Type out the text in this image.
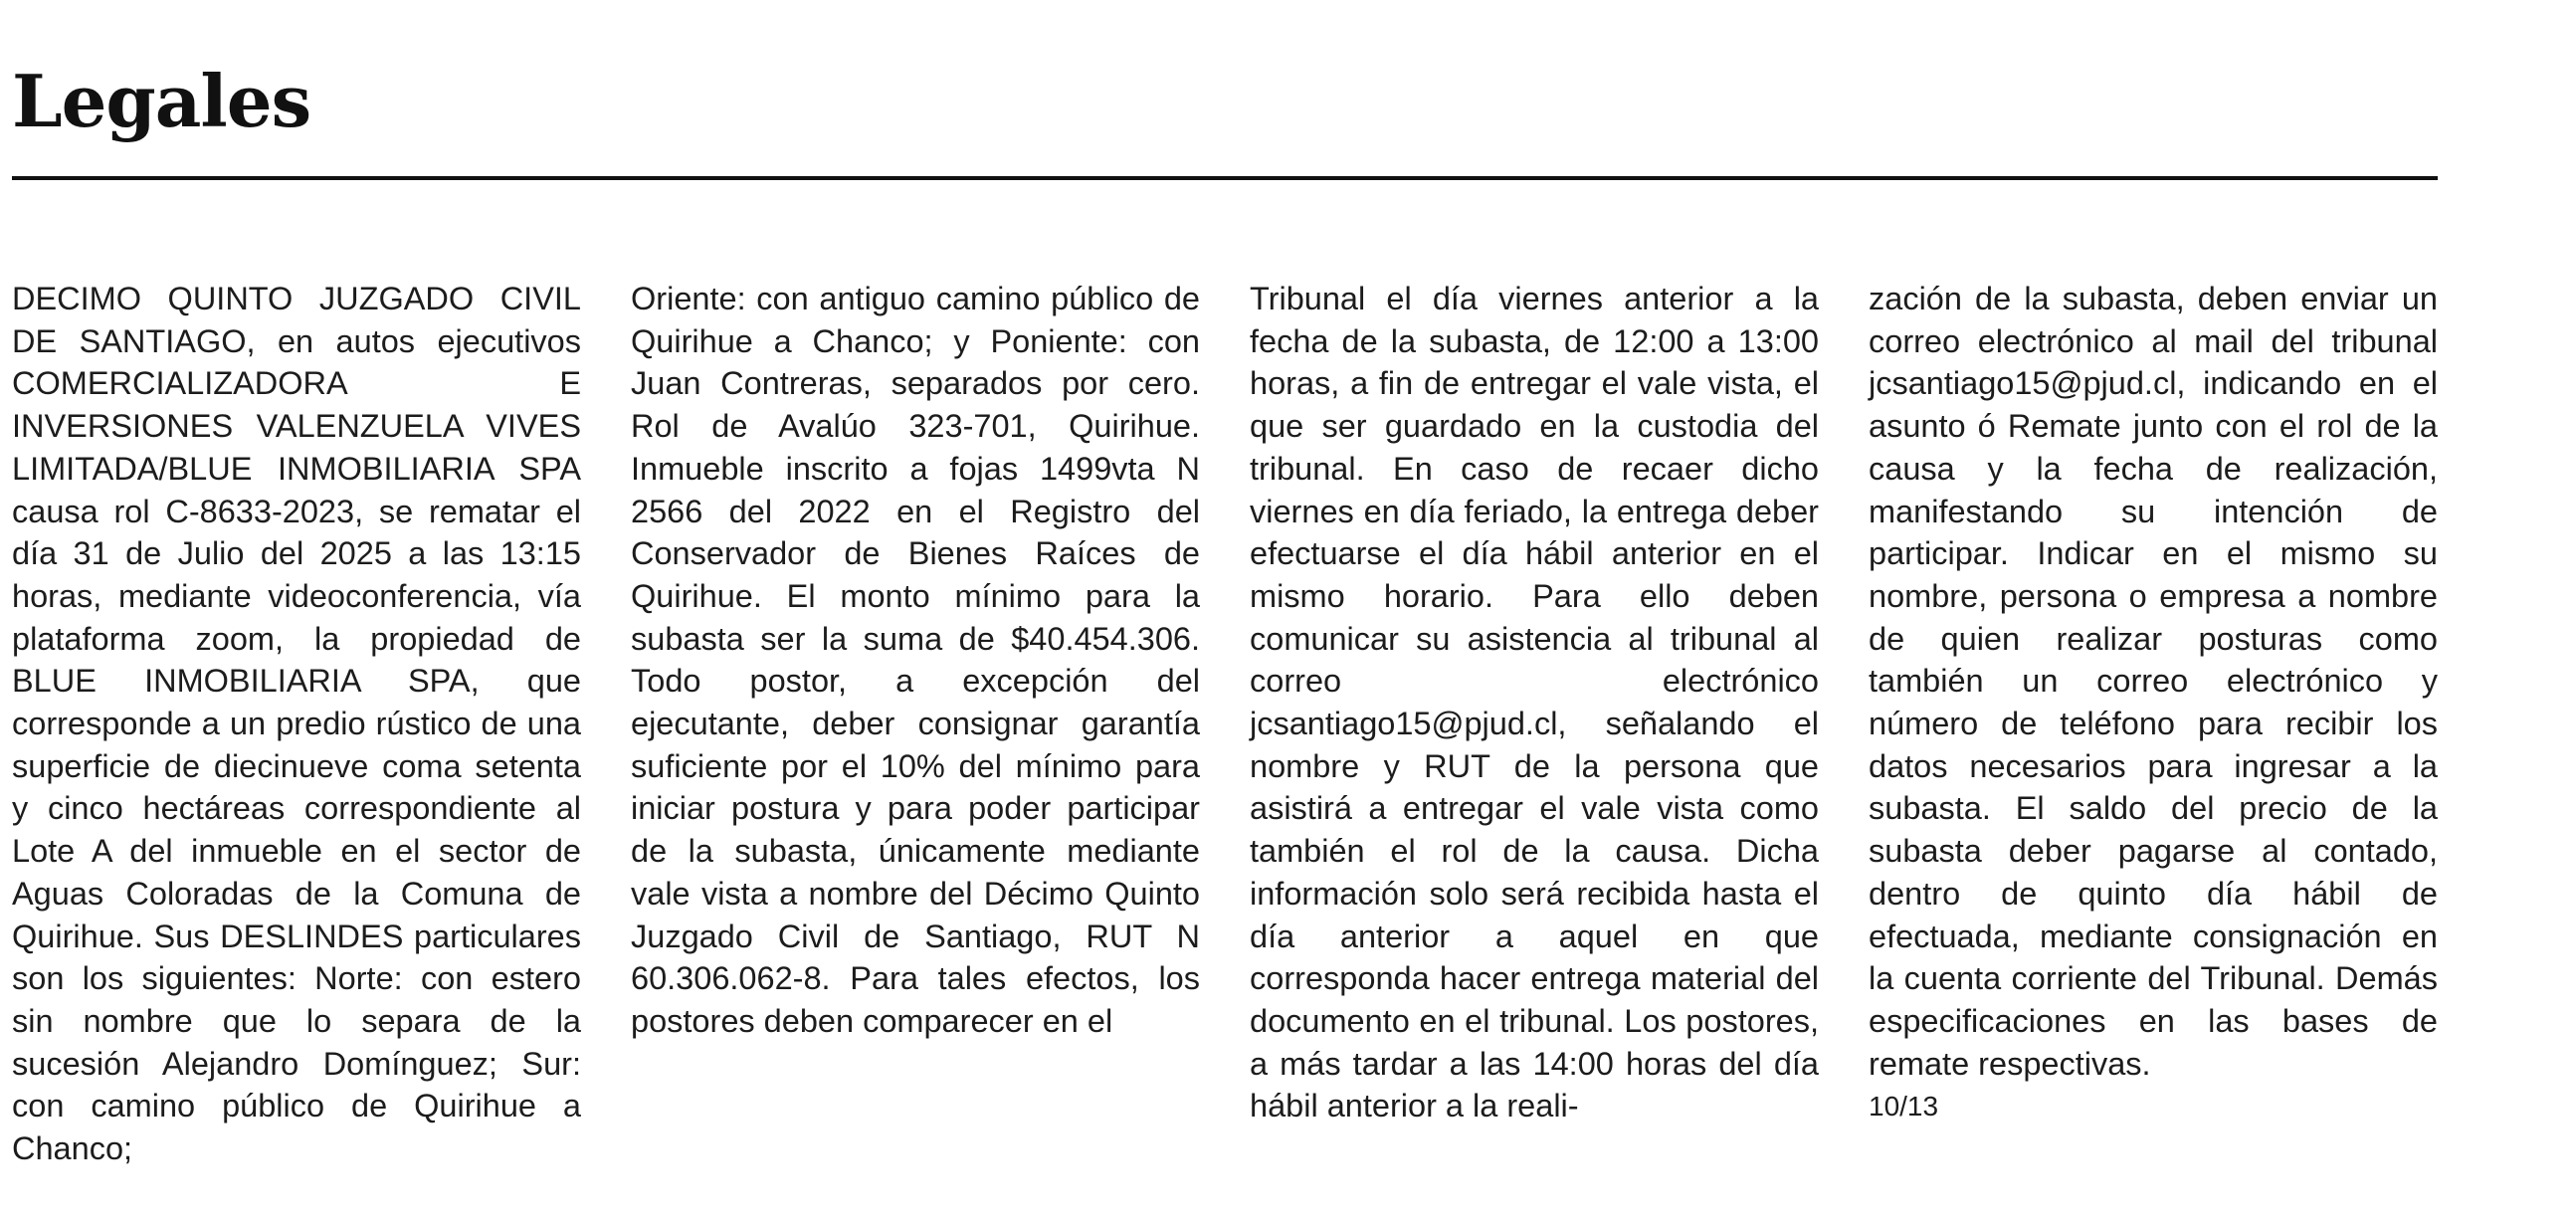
Legales

DECIMO QUINTO JUZGADO CIVIL DE SANTIAGO, en autos ejecutivos COMERCIALIZADORA E INVERSIONES VALENZUELA VIVES LIMITADA/BLUE INMOBILIARIA SPA causa rol C-8633-2023, se rematar el día 31 de Julio del 2025 a las 13:15 horas, mediante videoconferencia, vía plataforma zoom, la propiedad de BLUE INMOBILIARIA SPA, que corresponde a un predio rústico de una superficie de diecinueve coma setenta y cinco hectáreas correspondiente al Lote A del inmueble en el sector de Aguas Coloradas de la Comuna de Quirihue. Sus DESLINDES particulares son los siguientes: Norte: con estero sin nombre que lo separa de la sucesión Alejandro Domínguez; Sur: con camino público de Quirihue a Chanco;

Oriente: con antiguo camino público de Quirihue a Chanco; y Poniente: con Juan Contreras, separados por cero. Rol de Avalúo 323-701, Quirihue. Inmueble inscrito a fojas 1499vta N 2566 del 2022 en el Registro del Conservador de Bienes Raíces de Quirihue. El monto mínimo para la subasta ser la suma de $40.454.306. Todo postor, a excepción del ejecutante, deber consignar garantía suficiente por el 10% del mínimo para iniciar postura y para poder participar de la subasta, únicamente mediante vale vista a nombre del Décimo Quinto Juzgado Civil de Santiago, RUT N 60.306.062-8. Para tales efectos, los postores deben comparecer en el

Tribunal el día viernes anterior a la fecha de la subasta, de 12:00 a 13:00 horas, a fin de entregar el vale vista, el que ser guardado en la custodia del tribunal. En caso de recaer dicho viernes en día feriado, la entrega deber efectuarse el día hábil anterior en el mismo horario. Para ello deben comunicar su asistencia al tribunal al correo electrónico jcsantiago15@pjud.cl, señalando el nombre y RUT de la persona que asistirá a entregar el vale vista como también el rol de la causa. Dicha información solo será recibida hasta el día anterior a aquel en que corresponda hacer entrega material del documento en el tribunal. Los postores, a más tardar a las 14:00 horas del día hábil anterior a la reali-

zación de la subasta, deben enviar un correo electrónico al mail del tribunal jcsantiago15@pjud.cl, indicando en el asunto ó Remate junto con el rol de la causa y la fecha de realización, manifestando su intención de participar. Indicar en el mismo su nombre, persona o empresa a nombre de quien realizar posturas como también un correo electrónico y número de teléfono para recibir los datos necesarios para ingresar a la subasta. El saldo del precio de la subasta deber pagarse al contado, dentro de quinto día hábil de efectuada, mediante consignación en la cuenta corriente del Tribunal. Demás especificaciones en las bases de remate respectivas.

10/13
